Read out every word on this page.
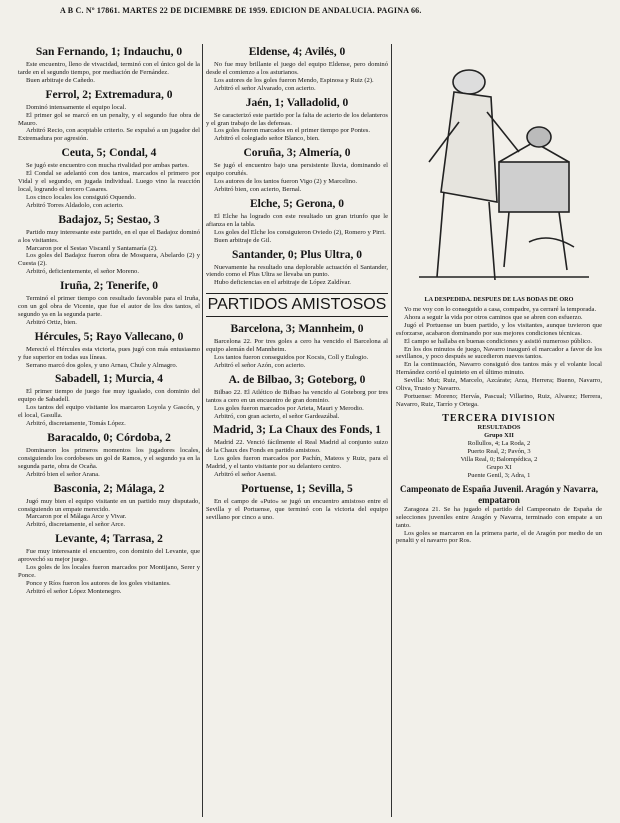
A B C. Nº 17861. MARTES 22 DE DICIEMBRE DE 1959. EDICION DE ANDALUCIA. PAGINA 66.
San Fernando, 1; Indauchu, 0

Este encuentro, lleno de vivacidad, terminó con el único gol de la tarde en el segundo tiempo, por mediación de Fernández.

Buen arbitraje de Cañedo.

Ferrol, 2; Extremadura, 0

Dominó intensamente el equipo local.

El primer gol se marcó en un penalty, y el segundo fue obra de Mauro.

Arbitró Recio, con aceptable criterio. Se expulsó a un jugador del Extremadura por agresión.

Ceuta, 5; Condal, 4

Se jugó este encuentro con mucha rivalidad por ambas partes.

El Condal se adelantó con dos tantos, marcados el primero por Vidal y el segundo, en jugada individual. Luego vino la reacción local, logrando el tercero Casares.

Los cinco locales los consiguió Oquendo.

Arbitró Torres Aldadolo, con acierto.

Badajoz, 5; Sestao, 3

Partido muy interesante este partido, en el que el Badajoz dominó a los visitantes.

Marcaron por el Sestao Viscanil y Santamaría (2).

Los goles del Badajoz fueron obra de Mosquera, Abelardo (2) y Cuesta (2).

Arbitró, deficientemente, el señor Moreno.

Iruña, 2; Tenerife, 0

Terminó el primer tiempo con resultado favorable para el Iruña, con un gol obra de Vicente, que fue el autor de los dos tantos, el segundo ya en la segunda parte.

Arbitró Ortiz, bien.

Hércules, 5; Rayo Vallecano, 0

Mereció el Hércules esta victoria, pues jugó con más entusiasmo y fue superior en todas sus líneas.

Serrano marcó dos goles, y uno Arnau, Chule y Almagro.

Sabadell, 1; Murcia, 4

El primer tiempo de juego fue muy igualado, con dominio del equipo de Sabadell.

Los tantos del equipo visitante los marcaron Loyola y Gascón, y el local, Gasulla.

Arbitró, discretamente, Tomás López.

Baracaldo, 0; Córdoba, 2

Dominaron los primeros momentos los jugadores locales, consiguiendo los cordobeses un gol de Ramos, y el segundo ya en la segunda parte, obra de Ocaña.

Arbitró bien el señor Arana.

Basconia, 2; Málaga, 2

Jugó muy bien el equipo visitante en un partido muy disputado, consiguiendo un empate merecido.

Marcaron por el Málaga Arce y Vivar.

Arbitró, discretamente, el señor Arce.

Levante, 4; Tarrasa, 2

Fue muy interesante el encuentro, con dominio del Levante, que aprovechó su mejor juego.

Los goles de los locales fueron marcados por Montijano, Serer y Ponce.

Ponce y Ríos fueron los autores de los goles visitantes.

Arbitró el señor López Montenegro.

Eldense, 4; Avilés, 0

No fue muy brillante el juego del equipo Eldense, pero dominó desde el comienzo a los asturianos.

Los autores de los goles fueron Mendo, Espinosa y Ruiz (2).

Arbitró el señor Alvarado, con acierto.

Jaén, 1; Valladolid, 0

Se caracterizó este partido por la falta de acierto de los delanteros y el gran trabajo de las defensas.

Los goles fueron marcados en el primer tiempo por Pontes.

Arbitró el colegiado señor Blanco, bien.

Coruña, 3; Almería, 0

Se jugó el encuentro bajo una persistente lluvia, dominando el equipo coruñés.

Los autores de los tantos fueron Vigo (2) y Marcelino.

Arbitró bien, con acierto, Bernal.

Elche, 5; Gerona, 0

El Elche ha logrado con este resultado un gran triunfo que le afianza en la tabla.

Los goles del Elche los consiguieron Oviedo (2), Romero y Pirri.

Buen arbitraje de Gil.

Santander, 0; Plus Ultra, 0

Nuevamente ha resultado una deplorable actuación el Santander, viendo como el Plus Ultra se llevaba un punto.

Hubo deficiencias en el arbitraje de López Zaldívar.

PARTIDOS AMISTOSOS
Barcelona, 3; Mannheim, 0

Barcelona 22. Por tres goles a cero ha vencido el Barcelona al equipo alemán del Mannheim.

Los tantos fueron conseguidos por Kocsis, Coll y Eulogio.

Arbitró el señor Azón, con acierto.

A. de Bilbao, 3; Goteborg, 0

Bilbao 22. El Atlético de Bilbao ha vencido al Goteborg por tres tantos a cero en un encuentro de gran dominio.

Los goles fueron marcados por Arieta, Mauri y Merodio.

Arbitró, con gran acierto, el señor Gardeazábal.

Madrid, 3; La Chaux des Fonds, 1

Madrid 22. Venció fácilmente el Real Madrid al conjunto suizo de la Chaux des Fonds en partido amistoso.

Los goles fueron marcados por Pachín, Mateos y Ruiz, para el Madrid, y el tanto visitante por su delantero centro.

Arbitró el señor Asensi.

Portuense, 1; Sevilla, 5

En el campo de «Puto» se jugó un encuentro amistoso entre el Sevilla y el Portuense, que terminó con la victoria del equipo sevillano por cinco a uno.

LA DESPEDIDA. DESPUES DE LAS BODAS DE ORO

Yo me voy con lo conseguido a casa, compadre, ya cerraré la temporada.

Ahora a seguir la vida por otros caminos que se abren con esfuerzo.

Jugó el Portuense un buen partido, y los visitantes, aunque tuvieron que esforzarse, acabaron dominando por sus mejores condiciones técnicas.

El campo se hallaba en buenas condiciones y asistió numeroso público.

En los dos minutos de juego, Navarro inauguró el marcador a favor de los sevillanos, y poco después se sucedieron nuevos tantos.

En la continuación, Navarro consiguió dos tantos más y el volante local Hernández cortó el quinteto en el último minuto.

Sevilla: Mut; Ruiz, Marcelo, Azcárate; Arza, Herrera; Bueno, Navarro, Oliva, Trusto y Navarro.

Portuense: Moreno; Hervás, Pascual; Villarino, Ruiz, Alvarez; Herrera, Navarro, Ruiz, Tarrío y Ortega.

TERCERA DIVISION
RESULTADOS
Grupo XII
Rollullos, 4; La Roda, 2
Puerto Real, 2; Pavón, 3
Villa Real, 0; Balompédica, 2
Grupo XI
Puente Genil, 3; Adra, 1
Campeonato de España Juvenil. Aragón y Navarra, empataron

Zaragoza 21. Se ha jugado el partido del Campeonato de España de selecciones juveniles entre Aragón y Navarra, terminado con empate a un tanto.

Los goles se marcaron en la primera parte, el de Aragón por medio de un penalti y el navarro por Ros.
